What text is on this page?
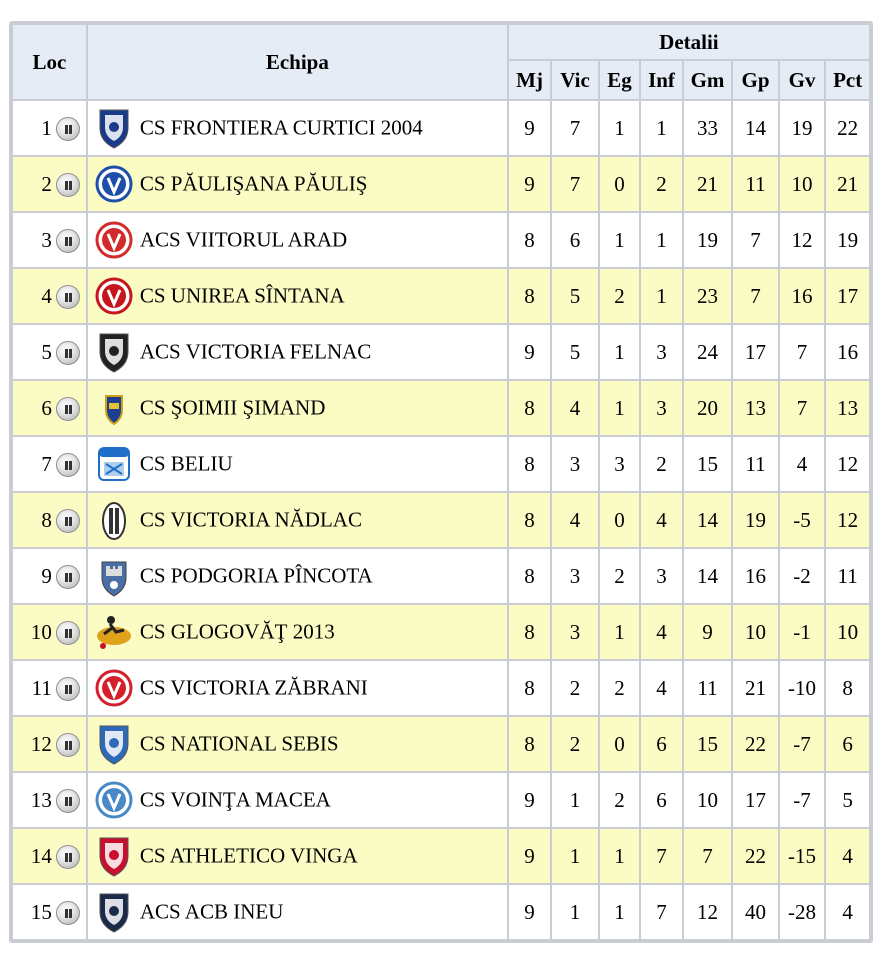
Loc	Echipa	Detalii							
		Mj	Vic	Eg	Inf	Gm	Gp	Gv	Pct
1	CS FRONTIERA CURTICI 2004	9	7	1	1	33	14	19	22
2	CS PĂULIŞANA PĂULIŞ	9	7	0	2	21	11	10	21
3	ACS VIITORUL ARAD	8	6	1	1	19	7	12	19
4	CS UNIREA SÎNTANA	8	5	2	1	23	7	16	17
5	ACS VICTORIA FELNAC	9	5	1	3	24	17	7	16
6	CS ŞOIMII ŞIMAND	8	4	1	3	20	13	7	13
7	CS BELIU	8	3	3	2	15	11	4	12
8	CS VICTORIA NĂDLAC	8	4	0	4	14	19	-5	12
9	CS PODGORIA PÎNCOTA	8	3	2	3	14	16	-2	11
10	CS GLOGOVĂŢ 2013	8	3	1	4	9	10	-1	10
11	CS VICTORIA ZĂBRANI	8	2	2	4	11	21	-10	8
12	CS NATIONAL SEBIS	8	2	0	6	15	22	-7	6
13	CS VOINŢA MACEA	9	1	2	6	10	17	-7	5
14	CS ATHLETICO VINGA	9	1	1	7	7	22	-15	4
15	ACS ACB INEU	9	1	1	7	12	40	-28	4
